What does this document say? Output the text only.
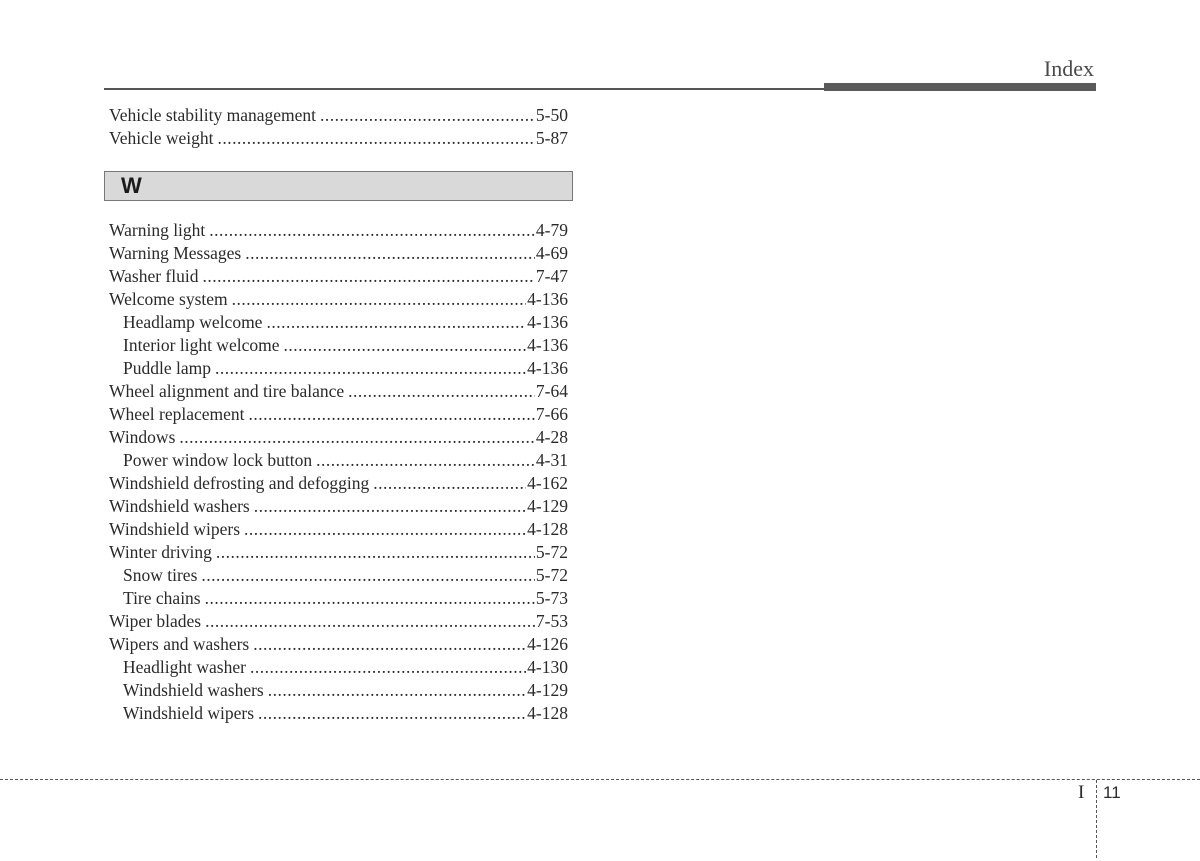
Index
Vehicle stability management .....	5-50
Vehicle weight .....	5-87
W
Warning light .....	4-79
Warning Messages .....	4-69
Washer fluid .....	7-47
Welcome system .....	4-136
Headlamp welcome .....	4-136
Interior light welcome .....	4-136
Puddle lamp .....	4-136
Wheel alignment and tire balance .....	7-64
Wheel replacement .....	7-66
Windows .....	4-28
Power window lock button .....	4-31
Windshield defrosting and defogging .....	4-162
Windshield washers .....	4-129
Windshield wipers .....	4-128
Winter driving .....	5-72
Snow tires .....	5-72
Tire chains .....	5-73
Wiper blades .....	7-53
Wipers and washers .....	4-126
Headlight washer .....	4-130
Windshield washers .....	4-129
Windshield wipers .....	4-128
I 11
